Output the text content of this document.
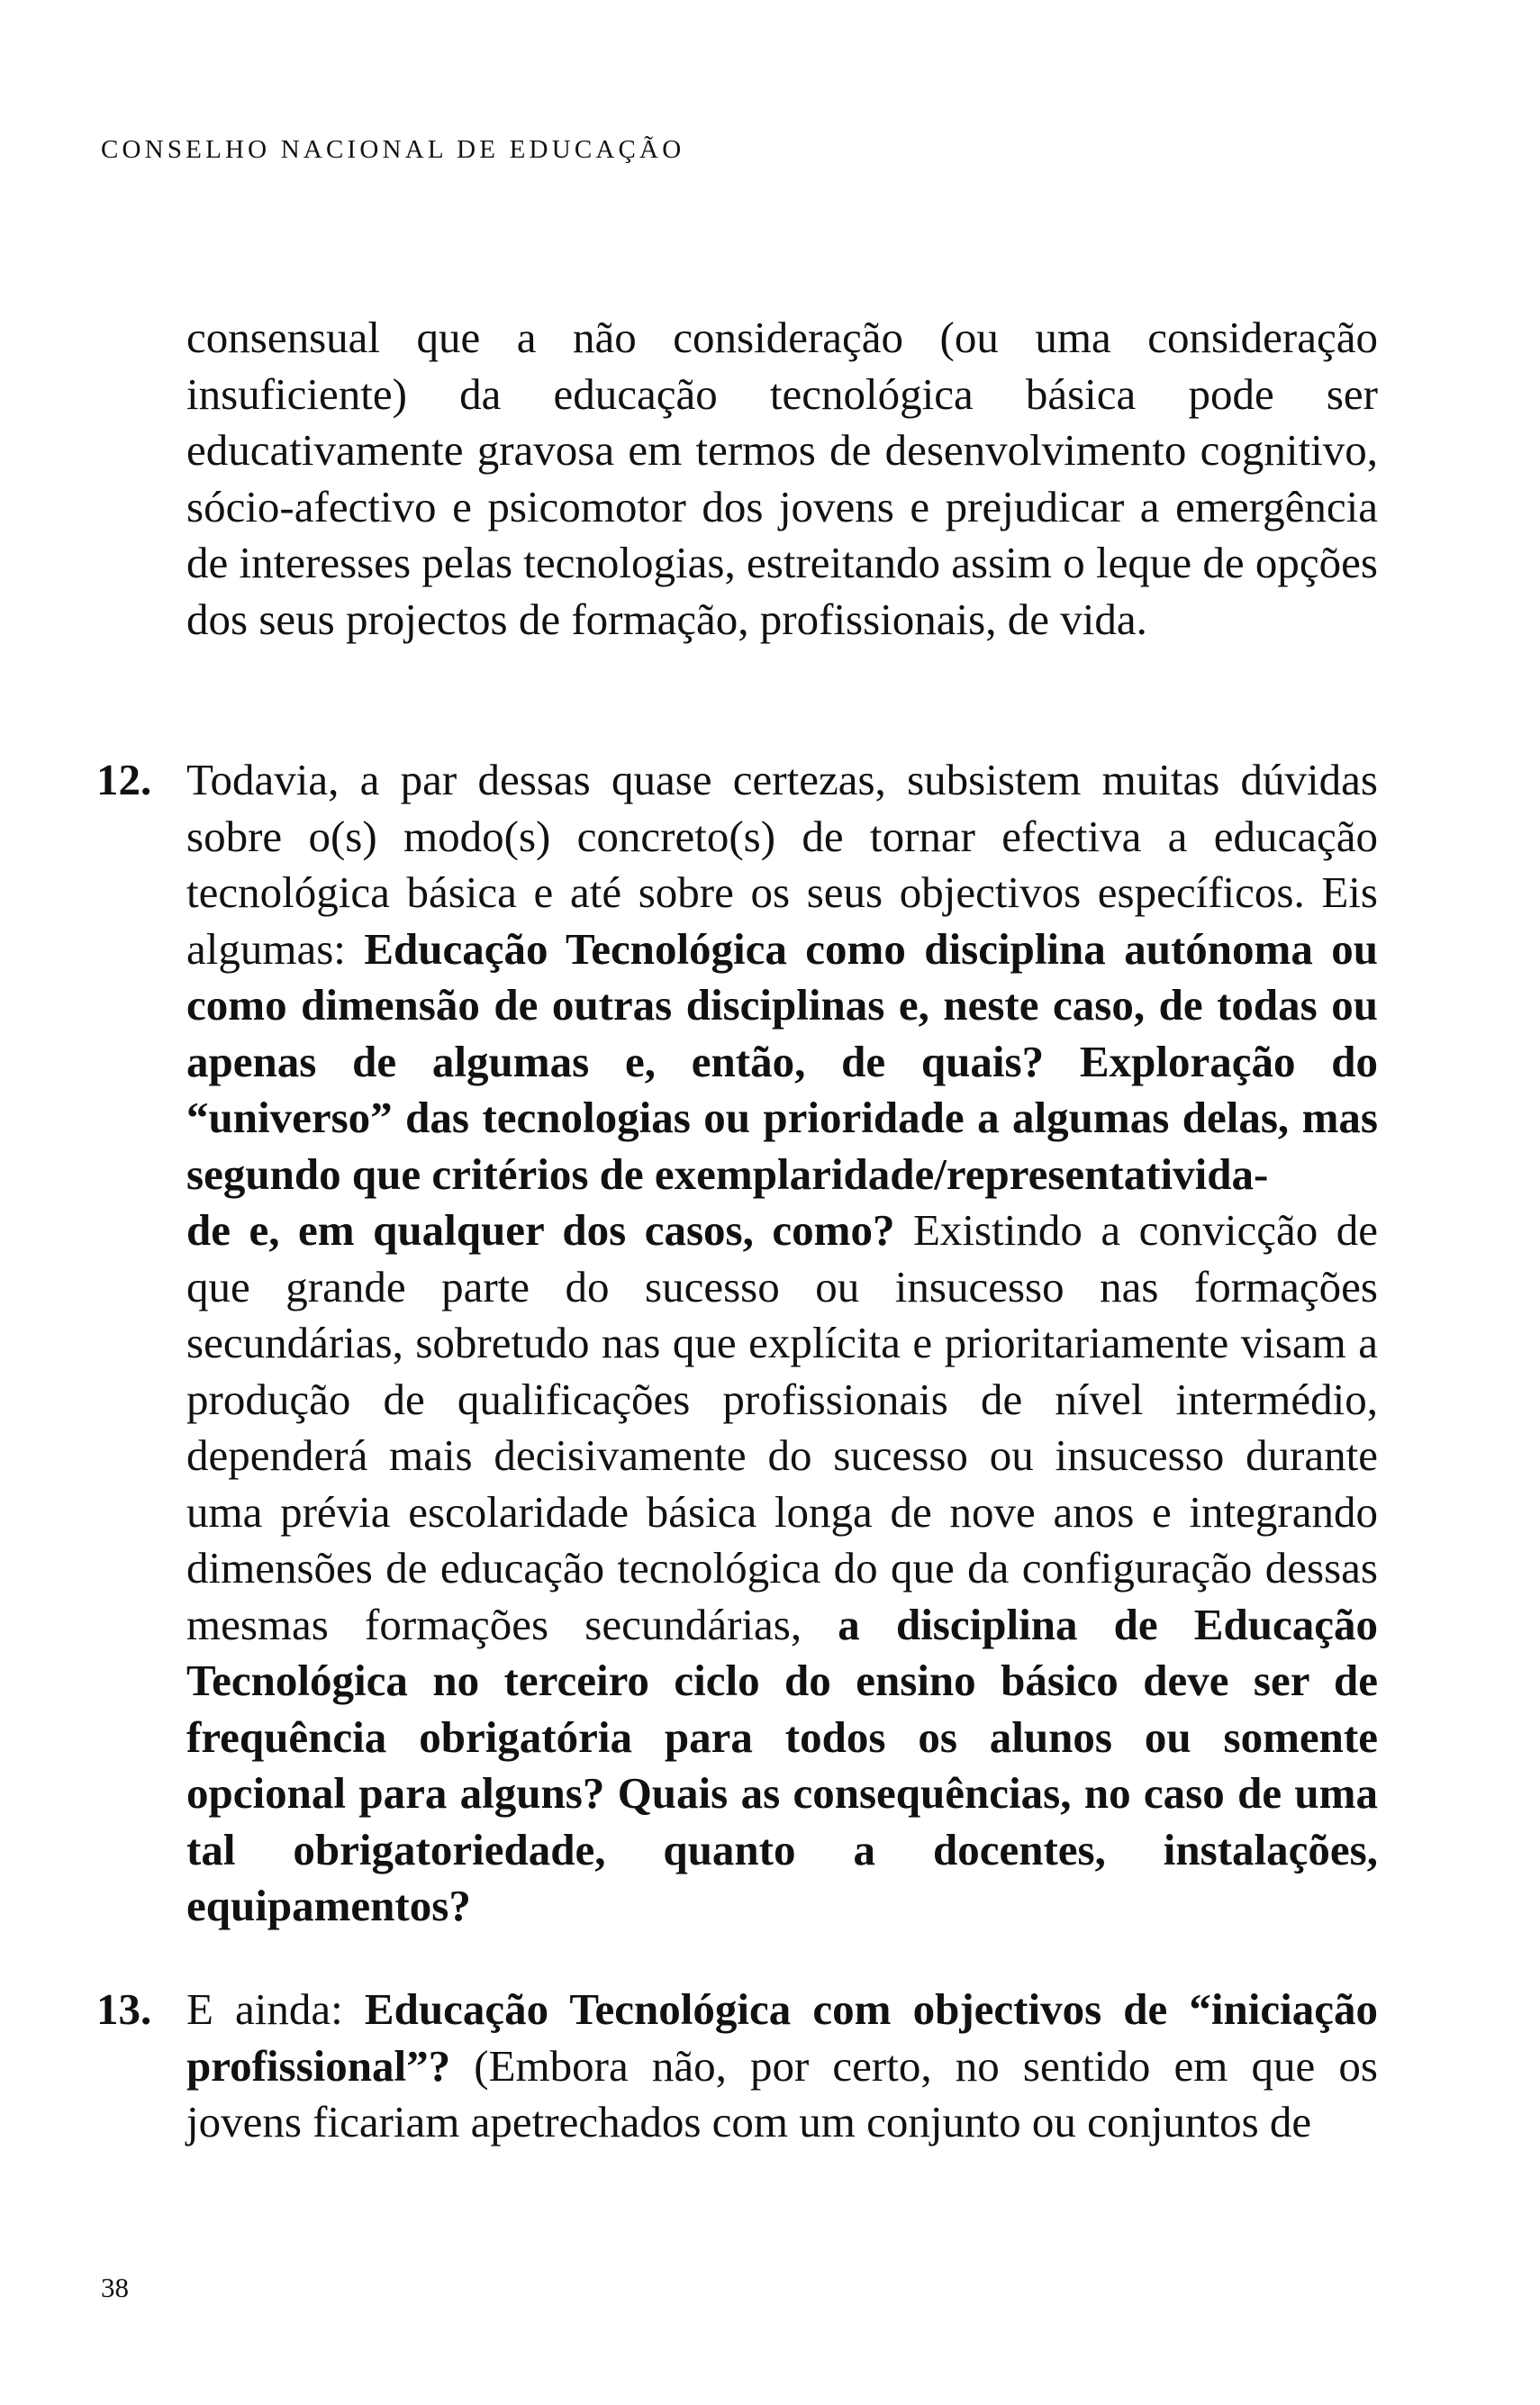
CONSELHO NACIONAL DE EDUCAÇÃO
consensual que a não consideração (ou uma consideração insuficiente) da educação tecnológica básica pode ser educativamente gravosa em termos de desenvolvimento cognitivo, sócio-afectivo e psicomotor dos jovens e prejudicar a emergência de interesses pelas tecnologias, estreitando assim o leque de opções dos seus projectos de formação, profissionais, de vida.
12. Todavia, a par dessas quase certezas, subsistem muitas dúvidas sobre o(s) modo(s) concreto(s) de tornar efectiva a educação tecnológica básica e até sobre os seus objectivos específicos. Eis algumas: Educação Tecnológica como disciplina autónoma ou como dimensão de outras disciplinas e, neste caso, de todas ou apenas de algumas e, então, de quais? Exploração do “universo” das tecnologias ou prioridade a algumas delas, mas segundo que critérios de exemplaridade/representativida-
de e, em qualquer dos casos, como? Existindo a convicção de que grande parte do sucesso ou insucesso nas formações secundárias, sobretudo nas que explícita e prioritariamente visam a produção de qualificações profissionais de nível intermédio, dependerá mais decisivamente do sucesso ou insucesso durante uma prévia escolaridade básica longa de nove anos e integrando dimensões de educação tecnológica do que da configuração dessas mesmas formações secundárias, a disciplina de Educação Tecnológica no terceiro ciclo do ensino básico deve ser de frequência obrigatória para todos os alunos ou somente opcional para alguns? Quais as consequências, no caso de uma tal obrigatoriedade, quanto a docentes, instalações, equipamentos?
13. E ainda: Educação Tecnológica com objectivos de “iniciação profissional”? (Embora não, por certo, no sentido em que os jovens ficariam apetrechados com um conjunto ou conjuntos de
38
